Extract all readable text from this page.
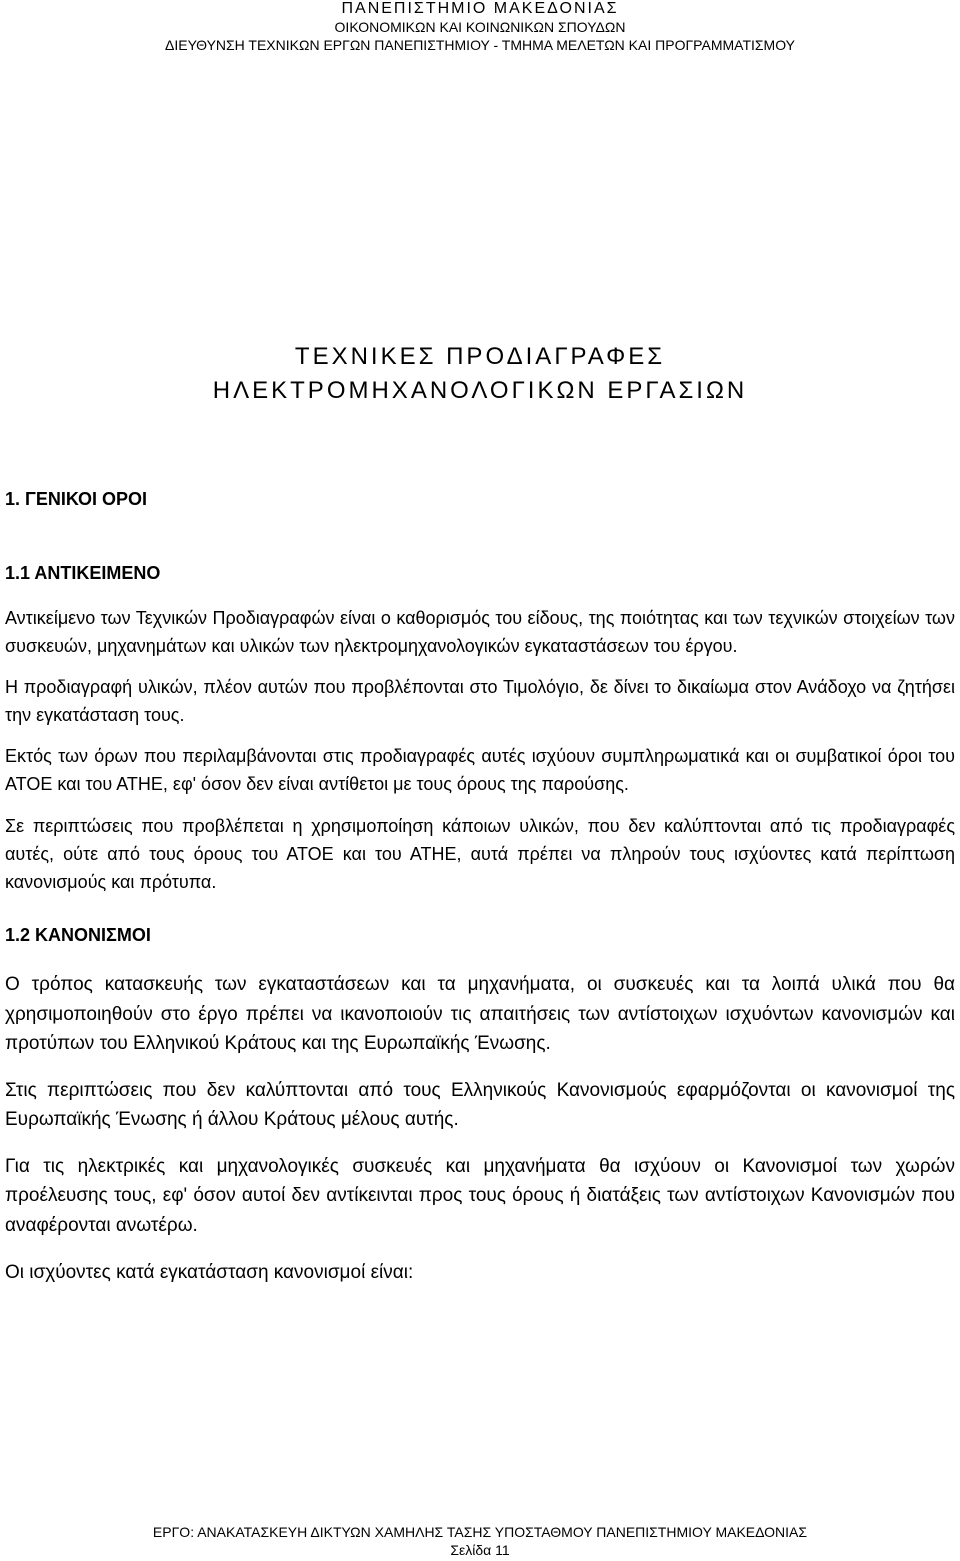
ΠΑΝΕΠΙΣΤΗΜΙΟ ΜΑΚΕΔΟΝΙΑΣ
ΟΙΚΟΝΟΜΙΚΩΝ ΚΑΙ ΚΟΙΝΩΝΙΚΩΝ ΣΠΟΥΔΩΝ
ΔΙΕΥΘΥΝΣΗ ΤΕΧΝΙΚΩΝ ΕΡΓΩΝ ΠΑΝΕΠΙΣΤΗΜΙΟΥ - ΤΜΗΜΑ ΜΕΛΕΤΩΝ ΚΑΙ ΠΡΟΓΡΑΜΜΑΤΙΣΜΟΥ
ΤΕΧΝΙΚΕΣ ΠΡΟΔΙΑΓΡΑΦΕΣ
ΗΛΕΚΤΡΟΜΗΧΑΝΟΛΟΓΙΚΩΝ ΕΡΓΑΣΙΩΝ
1. ΓΕΝΙΚΟΙ ΟΡΟΙ
1.1 ΑΝΤΙΚΕΙΜΕΝΟ

Αντικείμενο των Τεχνικών Προδιαγραφών είναι ο καθορισμός του είδους, της ποιότητας και των τεχνικών στοιχείων των συσκευών, μηχανημάτων και υλικών των ηλεκτρομηχανολογικών εγκαταστάσεων του έργου.

Η προδιαγραφή υλικών, πλέον αυτών που προβλέπονται στο Τιμολόγιο, δε δίνει το δικαίωμα στον Ανάδοχο να ζητήσει την εγκατάσταση τους.

Εκτός των όρων που περιλαμβάνονται στις προδιαγραφές αυτές ισχύουν συμπληρωματικά και οι συμβατικοί όροι του ΑΤΟΕ και του ΑΤΗΕ, εφ' όσον δεν είναι αντίθετοι με τους όρους της παρούσης.

Σε περιπτώσεις που προβλέπεται η χρησιμοποίηση κάποιων υλικών, που δεν καλύπτονται από τις προδιαγραφές αυτές, ούτε από τους όρους του ΑΤΟΕ και του ΑΤΗΕ, αυτά πρέπει να πληρούν τους ισχύοντες κατά περίπτωση κανονισμούς και πρότυπα.

1.2 ΚΑΝΟΝΙΣΜΟΙ

Ο τρόπος κατασκευής των εγκαταστάσεων και τα μηχανήματα, οι συσκευές και τα λοιπά υλικά που θα χρησιμοποιηθούν στο έργο πρέπει να ικανοποιούν τις απαιτήσεις των αντίστοιχων ισχυόντων κανονισμών και προτύπων του Ελληνικού Κράτους και της Ευρωπαϊκής Ένωσης.

Στις περιπτώσεις που δεν καλύπτονται από τους Ελληνικούς Κανονισμούς εφαρμόζονται οι κανονισμοί της Ευρωπαϊκής Ένωσης ή άλλου Κράτους μέλους αυτής.

Για τις ηλεκτρικές και μηχανολογικές συσκευές και μηχανήματα θα ισχύουν οι Κανονισμοί των χωρών προέλευσης τους, εφ' όσον αυτοί δεν αντίκεινται προς τους όρους ή διατάξεις των αντίστοιχων Κανονισμών που αναφέρονται ανωτέρω.

Οι ισχύοντες κατά εγκατάσταση κανονισμοί είναι:

ΕΡΓΟ: ΑΝΑΚΑΤΑΣΚΕΥΗ ΔΙΚΤΥΩΝ ΧΑΜΗΛΗΣ ΤΑΣΗΣ ΥΠΟΣΤΑΘΜΟΥ ΠΑΝΕΠΙΣΤΗΜΙΟΥ ΜΑΚΕΔΟΝΙΑΣ
Σελίδα 11
